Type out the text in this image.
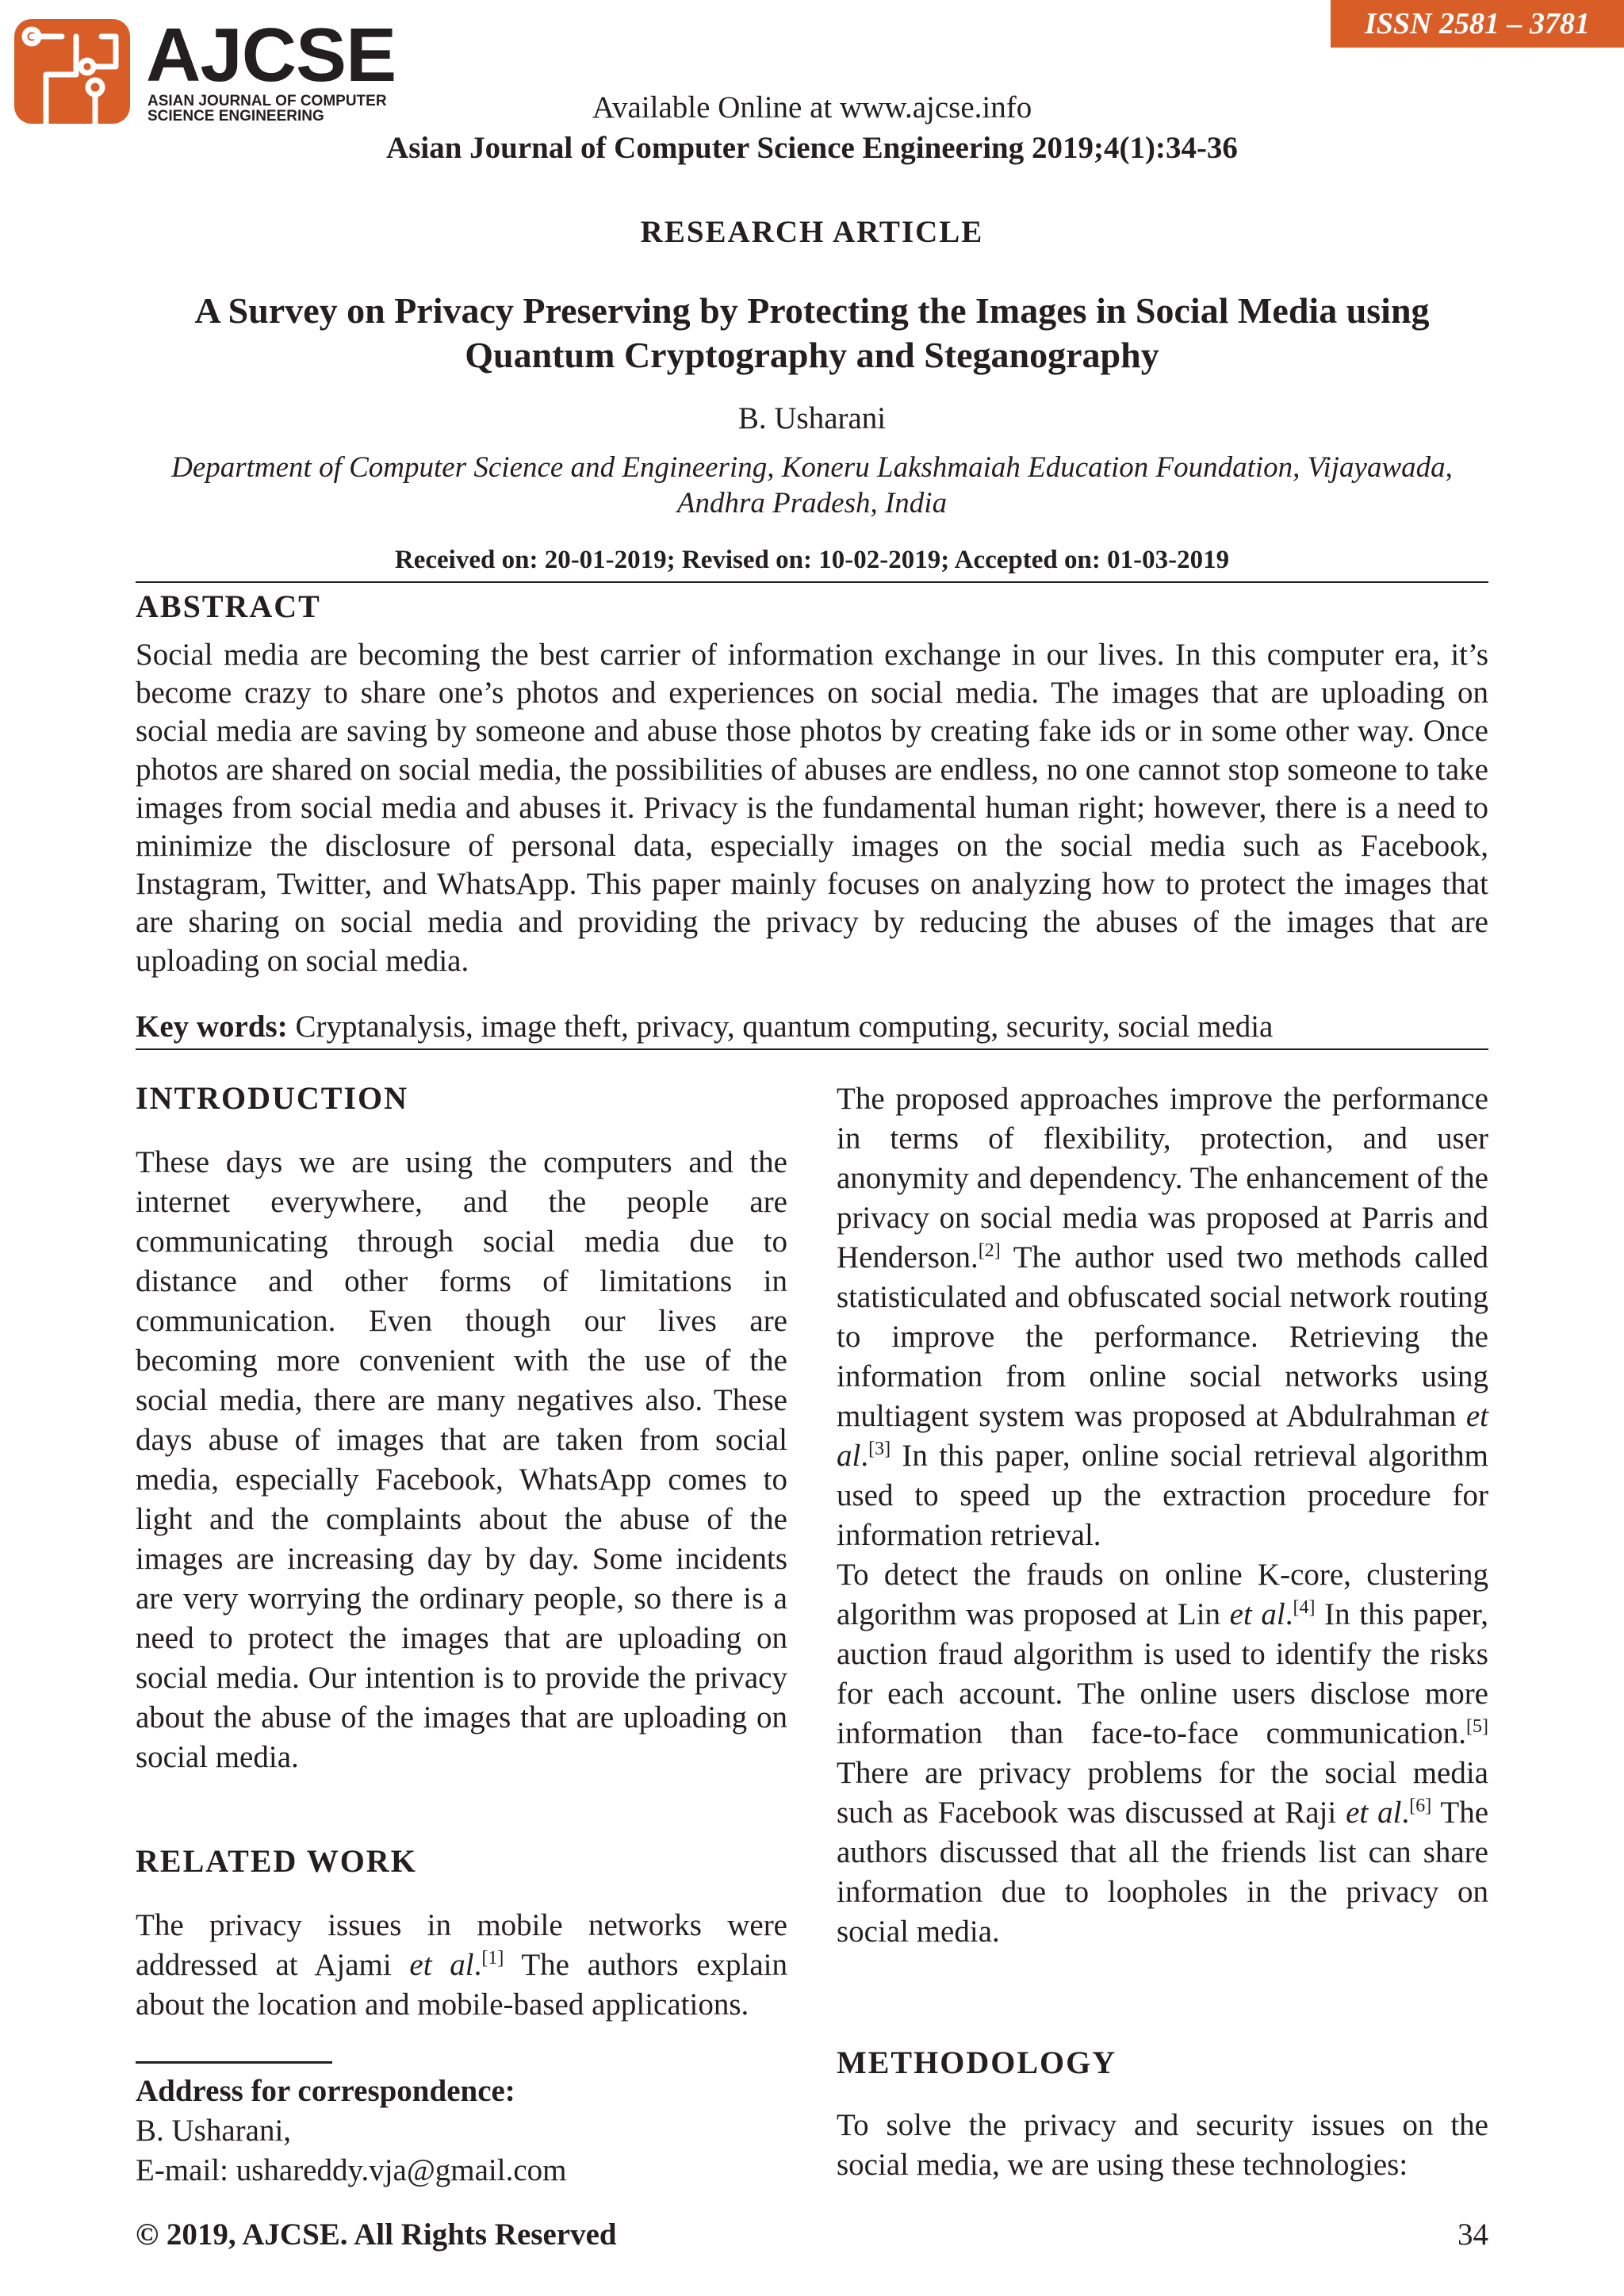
AJCSE
ASIAN JOURNAL OF COMPUTER
SCIENCE ENGINEERING
ISSN 2581 – 3781
Available Online at www.ajcse.info
Asian Journal of Computer Science Engineering 2019;4(1):34-36
RESEARCH ARTICLE
A Survey on Privacy Preserving by Protecting the Images in Social Media using
Quantum Cryptography and Steganography
B. Usharani
Department of Computer Science and Engineering, Koneru Lakshmaiah Education Foundation, Vijayawada,
Andhra Pradesh, India
Received on: 20-01-2019; Revised on: 10-02-2019; Accepted on: 01-03-2019
ABSTRACT

Social media are becoming the best carrier of information exchange in our lives. In this computer era, it’s become crazy to share one’s photos and experiences on social media. The images that are uploading on social media are saving by someone and abuse those photos by creating fake ids or in some other way. Once photos are shared on social media, the possibilities of abuses are endless, no one cannot stop someone to take images from social media and abuses it. Privacy is the fundamental human right; however, there is a need to minimize the disclosure of personal data, especially images on the social media such as Facebook, Instagram, Twitter, and WhatsApp. This paper mainly focuses on analyzing how to protect the images that are sharing on social media and providing the privacy by reducing the abuses of the images that are uploading on social media.

Key words: Cryptanalysis, image theft, privacy, quantum computing, security, social media
INTRODUCTION

These days we are using the computers and the internet everywhere, and the people are communicating through social media due to distance and other forms of limitations in communication. Even though our lives are becoming more convenient with the use of the social media, there are many negatives also. These days abuse of images that are taken from social media, especially Facebook, WhatsApp comes to light and the complaints about the abuse of the images are increasing day by day. Some incidents are very worrying the ordinary people, so there is a need to protect the images that are uploading on social media. Our intention is to provide the privacy about the abuse of the images that are uploading on social media.

RELATED WORK

The privacy issues in mobile networks were addressed at Ajami et al.[1] The authors explain about the location and mobile-based applications.

Address for correspondence:
B. Usharani,
E-mail: ushareddy.vja@gmail.com

The proposed approaches improve the performance in terms of flexibility, protection, and user anonymity and dependency. The enhancement of the privacy on social media was proposed at Parris and Henderson.[2] The author used two methods called statisticulated and obfuscated social network routing to improve the performance. Retrieving the information from online social networks using multiagent system was proposed at Abdulrahman et al.[3] In this paper, online social retrieval algorithm used to speed up the extraction procedure for information retrieval.

To detect the frauds on online K-core, clustering algorithm was proposed at Lin et al.[4] In this paper, auction fraud algorithm is used to identify the risks for each account. The online users disclose more information than face-to-face communication.[5] There are privacy problems for the social media such as Facebook was discussed at Raji et al.[6] The authors discussed that all the friends list can share information due to loopholes in the privacy on social media.

METHODOLOGY

To solve the privacy and security issues on the social media, we are using these technologies:

© 2019, AJCSE. All Rights Reserved	34
